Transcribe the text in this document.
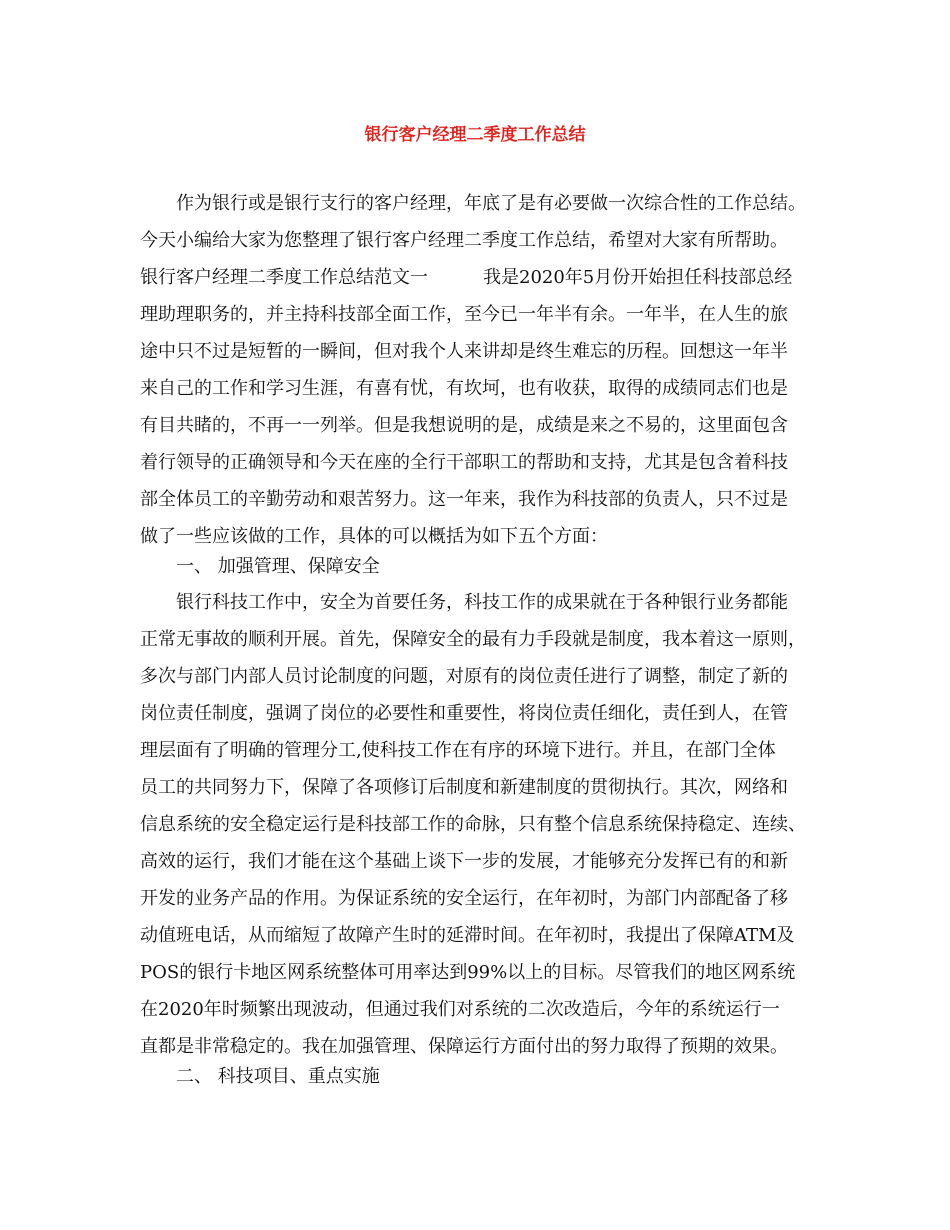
银行客户经理二季度工作总结
作为银行或是银行支行的客户经理，年底了是有必要做一次综合性的工作总结。
今天小编给大家为您整理了银行客户经理二季度工作总结，希望对大家有所帮助。
银行客户经理二季度工作总结范文一	我是2020年5月份开始担任科技部总经
理助理职务的，并主持科技部全面工作，至今已一年半有余。一年半，在人生的旅
途中只不过是短暂的一瞬间，但对我个人来讲却是终生难忘的历程。回想这一年半
来自己的工作和学习生涯，有喜有忧，有坎坷，也有收获，取得的成绩同志们也是
有目共睹的，不再一一列举。但是我想说明的是，成绩是来之不易的，这里面包含
着行领导的正确领导和今天在座的全行干部职工的帮助和支持，尤其是包含着科技
部全体员工的辛勤劳动和艰苦努力。这一年来，我作为科技部的负责人，只不过是
做了一些应该做的工作，具体的可以概括为如下五个方面：
一、 加强管理、保障安全
银行科技工作中，安全为首要任务，科技工作的成果就在于各种银行业务都能
正常无事故的顺利开展。首先，保障安全的最有力手段就是制度，我本着这一原则，
多次与部门内部人员讨论制度的问题，对原有的岗位责任进行了调整，制定了新的
岗位责任制度，强调了岗位的必要性和重要性，将岗位责任细化，责任到人，在管
理层面有了明确的管理分工,使科技工作在有序的环境下进行。并且，在部门全体
员工的共同努力下，保障了各项修订后制度和新建制度的贯彻执行。其次，网络和
信息系统的安全稳定运行是科技部工作的命脉，只有整个信息系统保持稳定、连续、
高效的运行，我们才能在这个基础上谈下一步的发展，才能够充分发挥已有的和新
开发的业务产品的作用。为保证系统的安全运行，在年初时，为部门内部配备了移
动值班电话，从而缩短了故障产生时的延滞时间。在年初时，我提出了保障ATM及
POS的银行卡地区网系统整体可用率达到99%以上的目标。尽管我们的地区网系统
在2020年时频繁出现波动，但通过我们对系统的二次改造后，今年的系统运行一
直都是非常稳定的。我在加强管理、保障运行方面付出的努力取得了预期的效果。
二、 科技项目、重点实施
